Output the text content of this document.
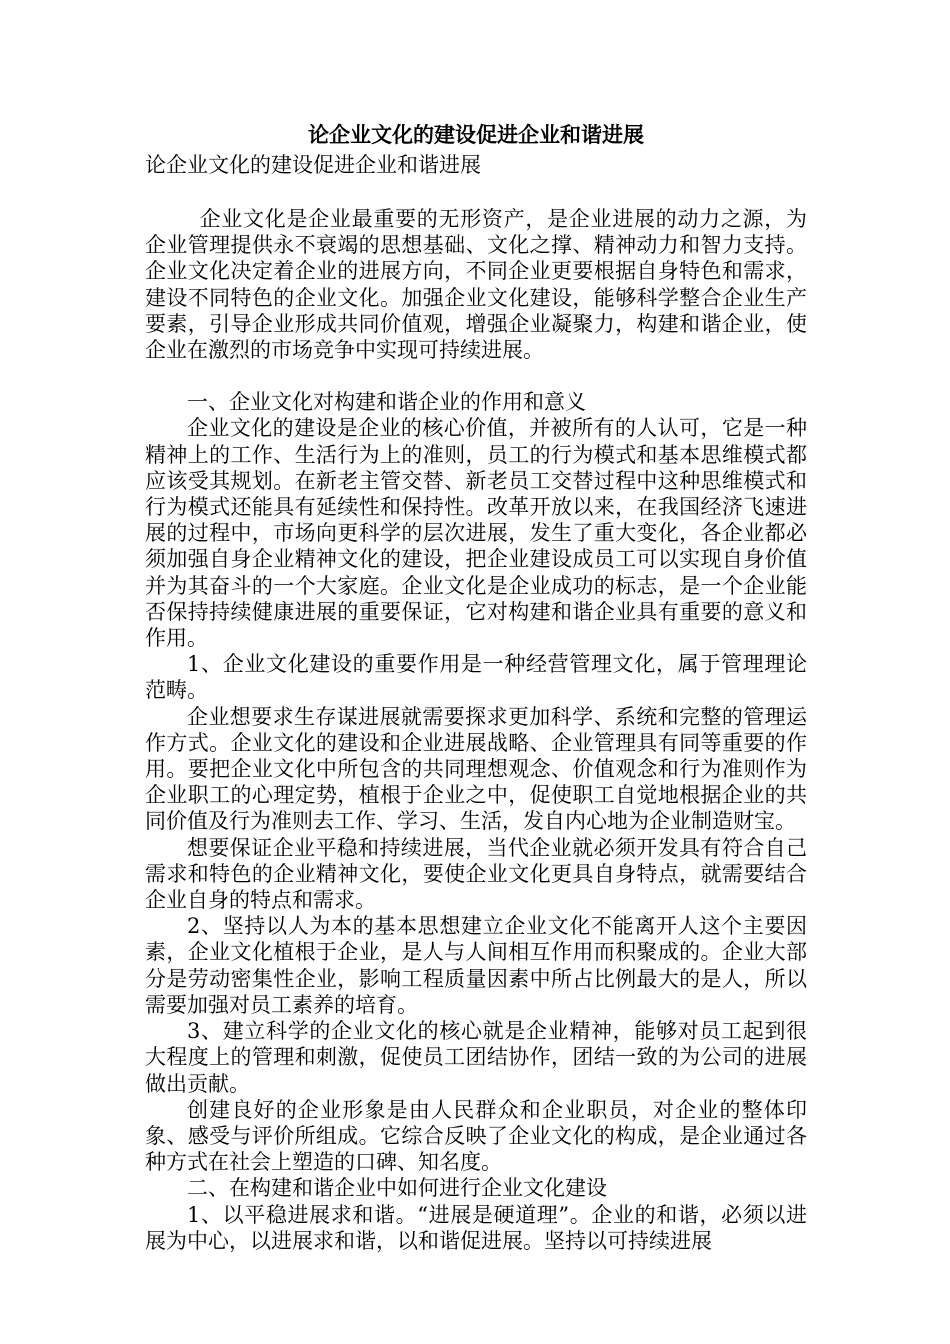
论企业文化的建设促进企业和谐进展

论企业文化的建设促进企业和谐进展

企业文化是企业最重要的无形资产，是企业进展的动力之源，为企业管理提供永不衰竭的思想基础、文化之撑、精神动力和智力支持。企业文化决定着企业的进展方向，不同企业更要根据自身特色和需求，建设不同特色的企业文化。加强企业文化建设，能够科学整合企业生产要素，引导企业形成共同价值观，增强企业凝聚力，构建和谐企业，使企业在激烈的市场竞争中实现可持续进展。

一、企业文化对构建和谐企业的作用和意义

企业文化的建设是企业的核心价值，并被所有的人认可，它是一种精神上的工作、生活行为上的准则，员工的行为模式和基本思维模式都应该受其规划。在新老主管交替、新老员工交替过程中这种思维模式和行为模式还能具有延续性和保持性。改革开放以来，在我国经济飞速进展的过程中，市场向更科学的层次进展，发生了重大变化，各企业都必须加强自身企业精神文化的建设，把企业建设成员工可以实现自身价值并为其奋斗的一个大家庭。企业文化是企业成功的标志，是一个企业能否保持持续健康进展的重要保证，它对构建和谐企业具有重要的意义和作用。

1、企业文化建设的重要作用是一种经营管理文化，属于管理理论范畴。

企业想要求生存谋进展就需要探求更加科学、系统和完整的管理运作方式。企业文化的建设和企业进展战略、企业管理具有同等重要的作用。要把企业文化中所包含的共同理想观念、价值观念和行为准则作为企业职工的心理定势，植根于企业之中，促使职工自觉地根据企业的共同价值及行为准则去工作、学习、生活，发自内心地为企业制造财宝。

想要保证企业平稳和持续进展，当代企业就必须开发具有符合自己需求和特色的企业精神文化，要使企业文化更具自身特点，就需要结合企业自身的特点和需求。

2、坚持以人为本的基本思想建立企业文化不能离开人这个主要因素，企业文化植根于企业，是人与人间相互作用而积聚成的。企业大部分是劳动密集性企业，影响工程质量因素中所占比例最大的是人，所以需要加强对员工素养的培育。

3、建立科学的企业文化的核心就是企业精神，能够对员工起到很大程度上的管理和刺激，促使员工团结协作，团结一致的为公司的进展做出贡献。

创建良好的企业形象是由人民群众和企业职员，对企业的整体印象、感受与评价所组成。它综合反映了企业文化的构成，是企业通过各种方式在社会上塑造的口碑、知名度。

二、在构建和谐企业中如何进行企业文化建设

1、以平稳进展求和谐。“进展是硬道理”。企业的和谐，必须以进展为中心，以进展求和谐，以和谐促进展。坚持以可持续进展
